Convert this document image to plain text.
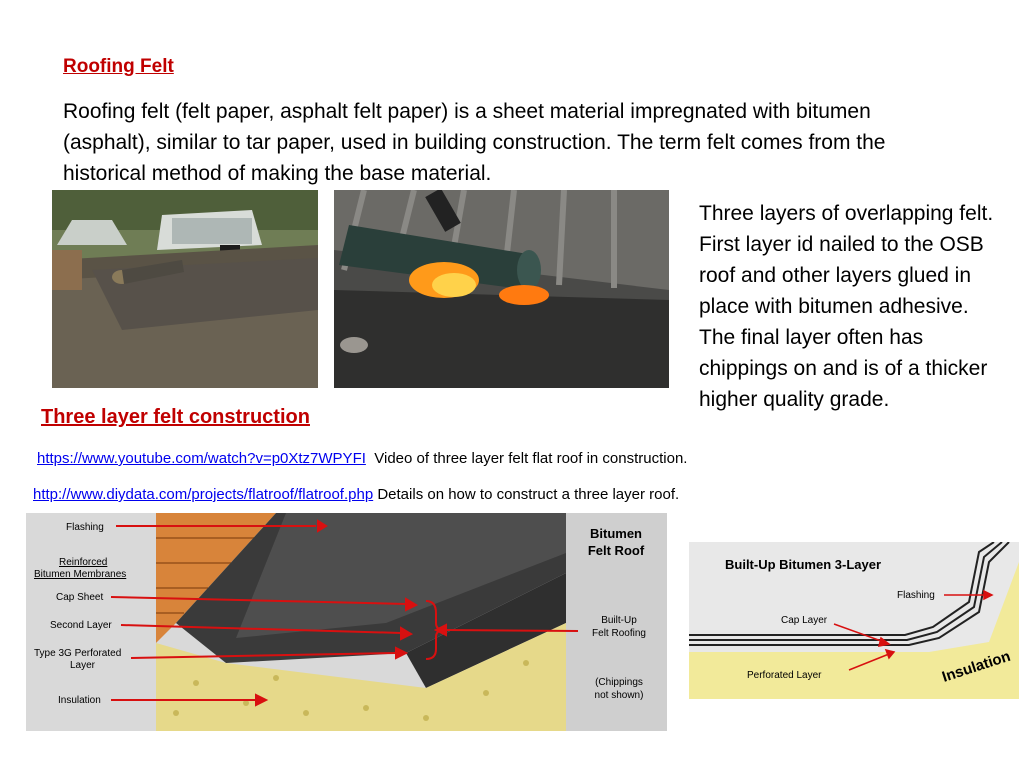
Roofing Felt
Roofing felt (felt paper, asphalt felt paper) is a sheet material impregnated with bitumen (asphalt), similar to tar paper, used in building construction. The term felt comes from the historical method of making the base material.
Three layers of overlapping felt. First layer id nailed to the OSB roof and other layers glued in place with bitumen adhesive. The final layer often has chippings on and is of a thicker higher quality grade.
Three layer felt construction
https://www.youtube.com/watch?v=p0Xtz7WPYFI Video of three layer felt flat roof in construction.
http://www.diydata.com/projects/flatroof/flatroof.php Details on how to construct a three layer roof.
Bitumen
Felt Roof
Built-Up
Felt Roofing
(Chippings
not shown)
Flashing
Reinforced
Bitumen Membranes
Cap Sheet
Second Layer
Type 3G Perforated
Layer
Insulation
Built-Up Bitumen 3-Layer
Flashing
Cap Layer
Perforated Layer	Insulation
